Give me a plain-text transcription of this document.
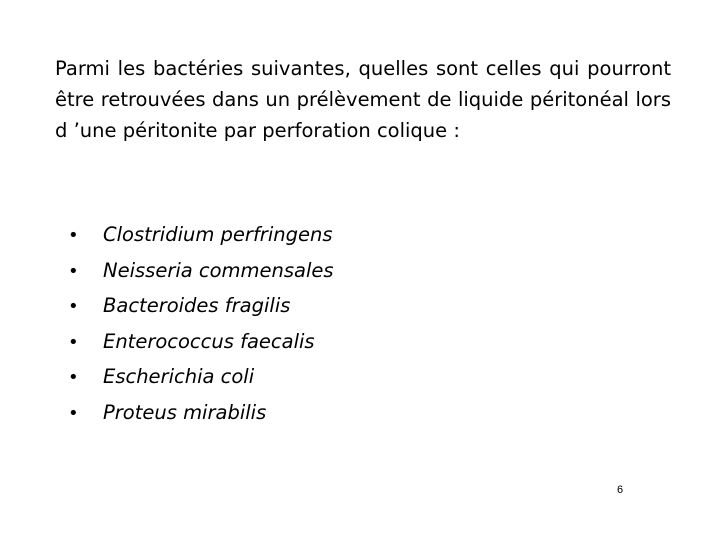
Parmi les bactéries suivantes, quelles sont celles qui pourront être retrouvées dans un prélèvement de liquide péritonéal lors d ’une péritonite par perforation colique :

•	Clostridium perfringens
•	Neisseria commensales
•	Bacteroides fragilis
•	Enterococcus faecalis
•	Escherichia coli
•	Proteus mirabilis
6
